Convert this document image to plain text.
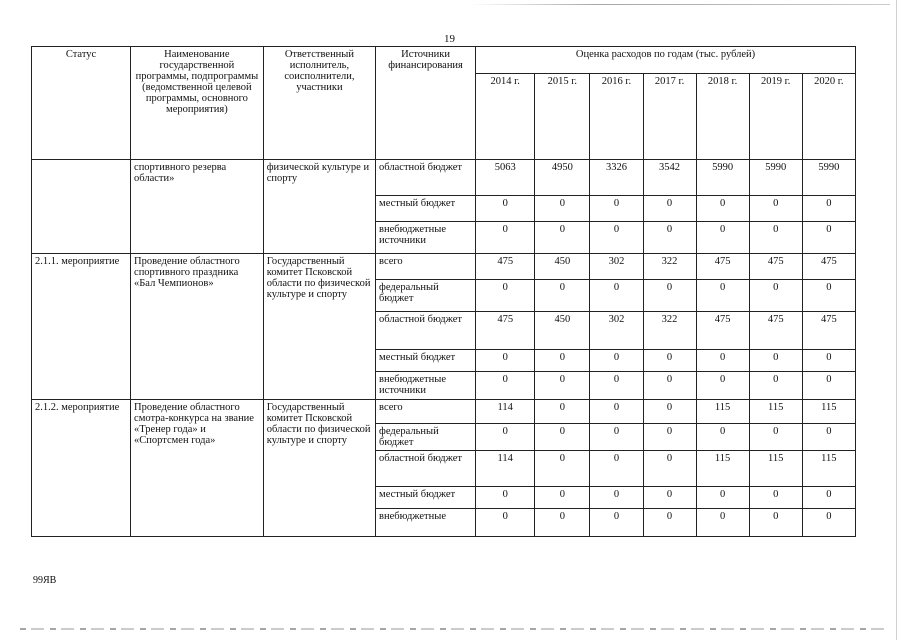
19
Статус	Наименование государственной программы, подпрограммы (ведомственной целевой программы, основного мероприятия)	Ответственный исполнитель, соисполнители, участники	Источники финансирования	Оценка расходов по годам (тыс. рублей)						
				2014 г.	2015 г.	2016 г.	2017 г.	2018 г.	2019 г.	2020 г.
	спортивного резерва области»	физической культуре и спорту	областной бюджет	5063	4950	3326	3542	5990	5990	5990
			местный бюджет	0	0	0	0	0	0	0
			внебюджетные источники	0	0	0	0	0	0	0
2.1.1. мероприятие	Проведение областного спортивного праздника «Бал Чемпионов»	Государственный комитет Псковской области по физической культуре и спорту	всего	475	450	302	322	475	475	475
			федеральный бюджет	0	0	0	0	0	0	0
			областной бюджет	475	450	302	322	475	475	475
			местный бюджет	0	0	0	0	0	0	0
			внебюджетные источники	0	0	0	0	0	0	0
2.1.2. мероприятие	Проведение областного смотра-конкурса на звание «Тренер года» и «Спортсмен года»	Государственный комитет Псковской области по физической культуре и спорту	всего	114	0	0	0	115	115	115
			федеральный бюджет	0	0	0	0	0	0	0
			областной бюджет	114	0	0	0	115	115	115
			местный бюджет	0	0	0	0	0	0	0
			внебюджетные	0	0	0	0	0	0	0
99ЯВ
